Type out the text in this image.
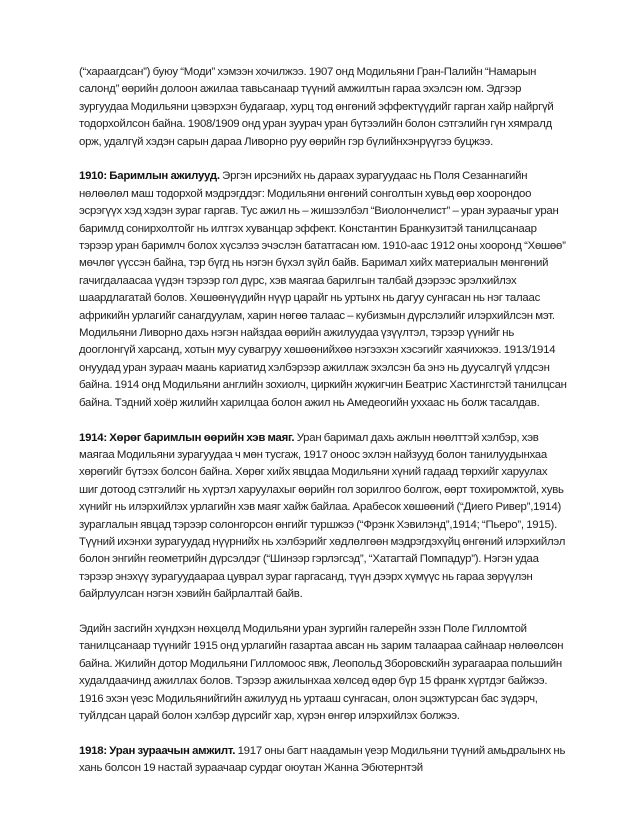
(“хараагдсан”) буюу “Моди” хэмээн хочилжээ. 1907 онд Модильяни Гран-Палийн “Намарын салонд” өөрийн долоон ажилаа тавьсанаар түүний амжилтын гараа эхэлсэн юм. Эдгээр зургуудаа Модильяни цэвэрхэн будагаар, хурц тод өнгөний эффектүүдийг гарган хайр найргүй тодорхойлсон байна. 1908/1909 онд уран зуурач уран бүтээлийн болон сэтгэлийн гүн хямралд орж, удалгүй хэдэн сарын дараа Ливорно руу өөрийн гэр бүлийнхэнрүүгээ буцжээ.

1910: Баримлын ажилууд. Эргэн ирсэнийх нь дараах зурагуудаас нь Поля Сезаннагийн нөлөөлөл маш тодорхой мэдрэгддэг: Модильяни өнгөний сонголтын хувьд өөр хоорондоо эсрэгүүх хэд хэдэн зураг гаргав. Тус ажил нь – жишээлбэл “Виолончелист” – уран зураачыг уран баримлд сонирхолтойг нь илтгэх хуванцар эффект. Константин Бранкузитэй танилцсанаар тэрээр уран баримлч болох хүсэлээ эчэслэн бататгасан юм. 1910-аас 1912 оны хооронд “Хөшөө” мөчлөг үүссэн байна, тэр бүгд нь нэгэн бүхэл зүйл байв. Баримал хийх материалын мөнгөний гачигдалаасаа үүдэн тэрээр гол дүрс, хэв маягаа барилгын талбай дээрээс эрэлхийлэх шаардлагатай болов. Хөшөөнүүдийн нүүр царайг нь уртынх нь дагуу сунгасан нь нэг талаас африкийн урлагийг санагдуулам, харин нөгөө талаас – кубизмын дүрслэлийг илэрхийлсэн мэт. Модильяни Ливорно дахь нэгэн найздаа өөрийн ажилуудаа үзүүлтэл, тэрээр үүнийг нь дооглонгүй харсанд, хотын муу сувагруу хөшөөнийхөө нэгээхэн хэсэгийг хаячихжээ. 1913/1914 онуудад уран зураач маань кариатид хэлбэрээр ажиллаж эхэлсэн ба энэ нь дуусалгүй үлдсэн байна. 1914 онд Модильяни английн зохиолч, циркийн жүжигчин Беатрис Хастингстэй танилцсан байна. Тэдний хоёр жилийн харилцаа болон ажил нь Амедеогийн уххаас нь болж тасалдав.

1914: Хөрөг баримлын өөрийн хэв маяг. Уран баримал дахь ажлын нөөлттэй хэлбэр, хэв маягаа Модильяни зурагуудаа ч мөн тусгаж, 1917 оноос эхлэн найзууд болон танилуудынхаа хөрөгийг бүтээх болсон байна. Хөрөг хийх явцдаа Модильяни хүний гадаад төрхийг харуулах шиг дотоод сэтгэлийг нь хүртэл харуулахыг өөрийн гол зорилгоо болгож, өөрт тохиромжтой, хувь хүнийг нь илэрхийлэх урлагийн хэв маяг хайж байлаа. Арабесок хөшөөний (“Диего Ривер”,1914) зураглалын явцад тэрээр солонгорсон өнгийг туршжээ (“Фрэнк Хэвилэнд”,1914; “Пьеро”, 1915). Түүний ихэнхи зурагуудад нүүрнийх нь хэлбэрийг хөдлөлгөөн мэдрэгдэхүйц өнгөний илэрхийлэл болон энгийн геометрийн дүрсэлдэг (“Шинээр гэрлэгсэд”, “Хатагтай Помпадур”). Нэгэн удаа тэрээр энэхүү зурагуудаараа цуврал зураг гаргасанд, түүн дээрх хүмүүс нь гараа зөрүүлэн байрлуулсан нэгэн хэвийн байрлалтай байв.

Эдийн засгийн хүндхэн нөхцөлд Модильяни уран зургийн галерейн эзэн Поле Гилломтой танилцсанаар түүнийг 1915 онд урлагийн газартаа авсан нь зарим талаараа сайнаар нөлөөлсөн байна. Жилийн дотор Модильяни Гилломоос явж, Леопольд Зборовскийн зурагаараа польшийн худалдаачинд ажиллах болов. Тэрээр ажилынхаа хөлсөд өдөр бүр 15 франк хүртдэг байжээ. 1916 эхэн үеэс Модильянийгийн ажилууд нь уртааш сунгасан, олон эцэжтурсан бас зүдэрч, туйлдсан царай болон хэлбэр дүрсийг хар, хүрэн өнгөр илэрхийлэх болжээ.

1918: Уран зураачын амжилт. 1917 оны багт наадамын үеэр Модильяни түүний амьдралынх нь хань болсон 19 настай зураачаар сурдаг оюутан Жанна Эбютернтэй
